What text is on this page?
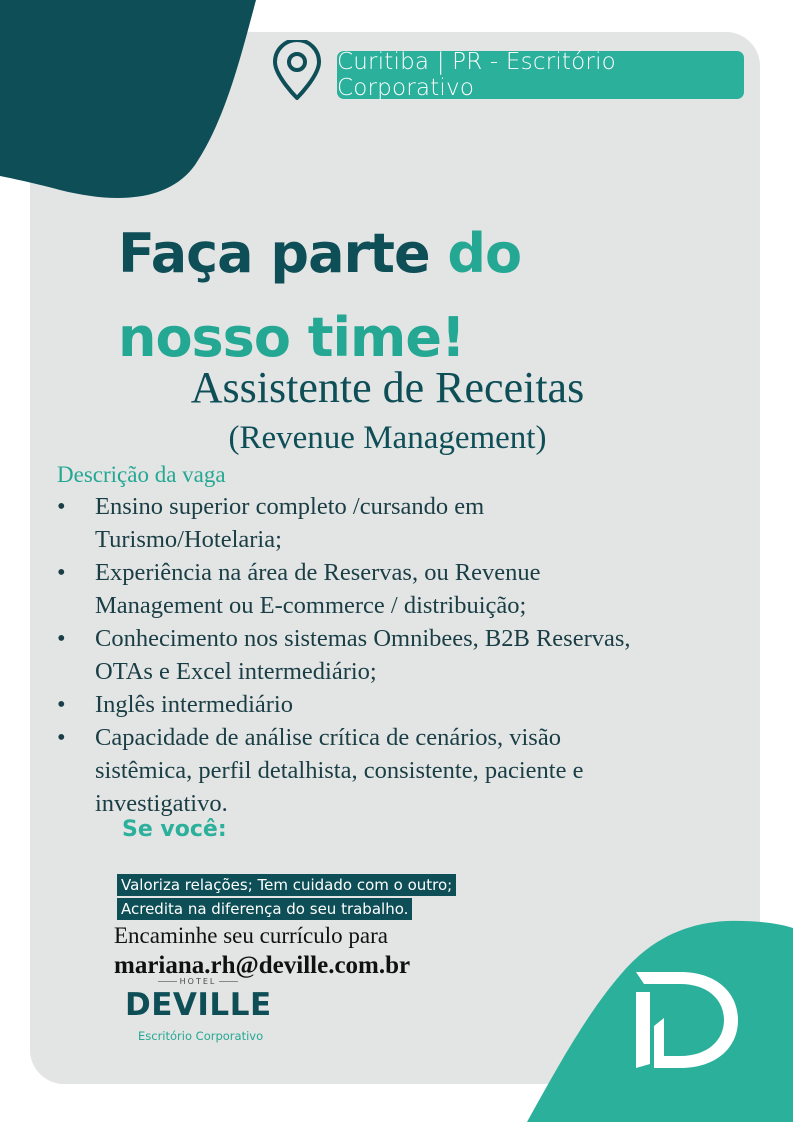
Curitiba | PR - Escritório Corporativo
Faça parte do
nosso time!
Assistente de Receitas
(Revenue Management)
Descrição da vaga
• Ensino superior completo /cursando em
Turismo/Hotelaria;
• Experiência na área de Reservas, ou Revenue
Management ou E-commerce / distribuição;
• Conhecimento nos sistemas Omnibees, B2B Reservas,
OTAs e Excel intermediário;
• Inglês intermediário
• Capacidade de análise crítica de cenários, visão
sistêmica, perfil detalhista, consistente, paciente e
investigativo.
Se você:
Valoriza relações; Tem cuidado com o outro;
Acredita na diferença do seu trabalho.
Encaminhe seu currículo para
mariana.rh@deville.com.br
HOTEL
DEVILLE
Escritório Corporativo
